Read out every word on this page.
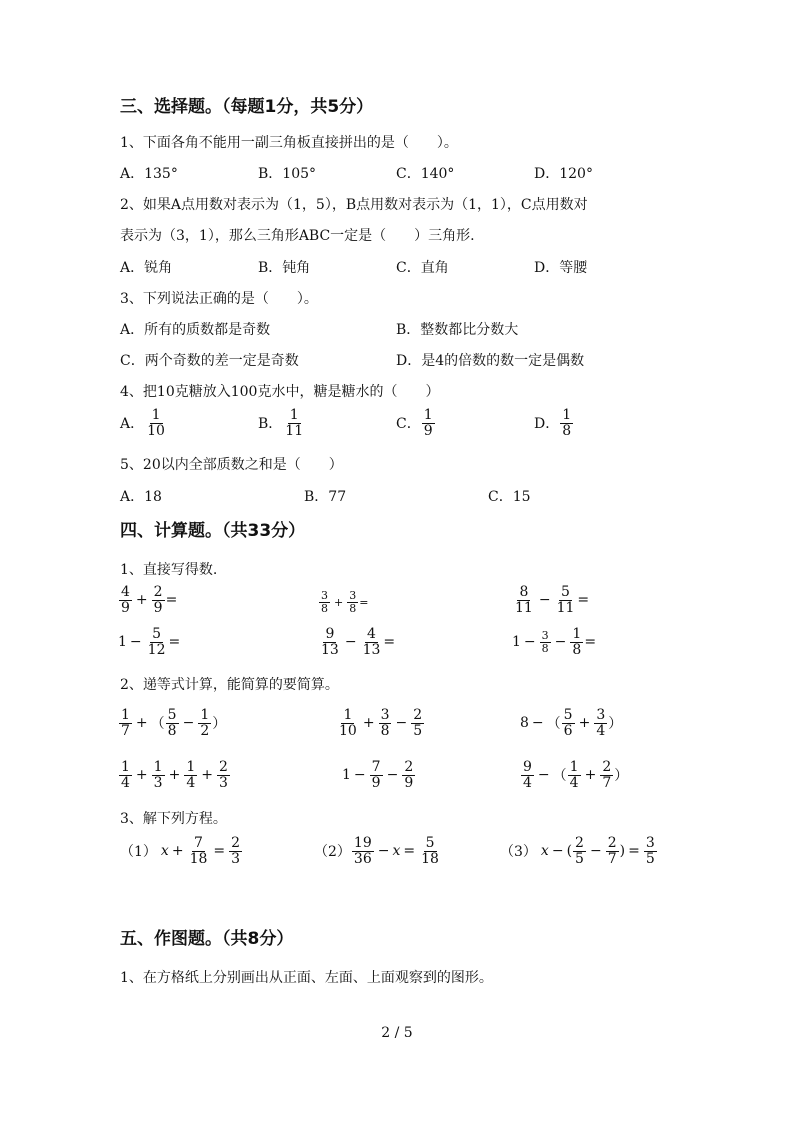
三、选择题。（每题1分，共5分）
1、下面各角不能用一副三角板直接拼出的是（　　）。
A．135°	B．105°	C．140°	D．120°
2、如果A点用数对表示为（1，5），B点用数对表示为（1，1），C点用数对
表示为（3，1），那么三角形ABC一定是（　　）三角形.
A．锐角	B．钝角	C．直角	D．等腰
3、下列说法正确的是（　　）。
A．所有的质数都是奇数	B．整数都比分数大
C．两个奇数的差一定是奇数	D．是4的倍数的数一定是偶数
4、把10克糖放入100克水中，糖是糖水的（　　）
A． $\frac{1}{10}$	B． $\frac{1}{11}$	C． $\frac{1}{9}$	D． $\frac{1}{8}$
5、20以内全部质数之和是（　　）
A．18	B．77	C．15
四、计算题。（共33分）
1、直接写得数.
$\frac{4}{9} + \frac{2}{9}$ =	$\frac{3}{8} + \frac{3}{8}$ =	$\frac{8}{11} - \frac{5}{11}$ =
$1 - \frac{5}{12}$ =	$\frac{9}{13} - \frac{4}{13}$ =	$1 - \frac{3}{8} - \frac{1}{8}$ =
2、递等式计算，能简算的要简算。
$\frac{1}{7}$ + （ $\frac{5}{8} - \frac{1}{2}$ ）	$\frac{1}{10} + \frac{3}{8} - \frac{2}{5}$	8 − （ $\frac{5}{6} + \frac{3}{4}$ ）
$\frac{1}{4} + \frac{1}{3} + \frac{1}{4} + \frac{2}{3}$	$1 - \frac{7}{9} - \frac{2}{9}$	$\frac{9}{4}$ − （ $\frac{1}{4} + \frac{2}{7}$ ）
3、解下列方程。
（1） $x + \frac{7}{18} = \frac{2}{3}$	$(2) \frac{19}{36} - x = \frac{5}{18}$	（3） x − ( $\frac{2}{5} - \frac{2}{7}$ ) = $\frac{3}{5}$
五、作图题。（共8分）
1、在方格纸上分别画出从正面、左面、上面观察到的图形。
2 / 5
